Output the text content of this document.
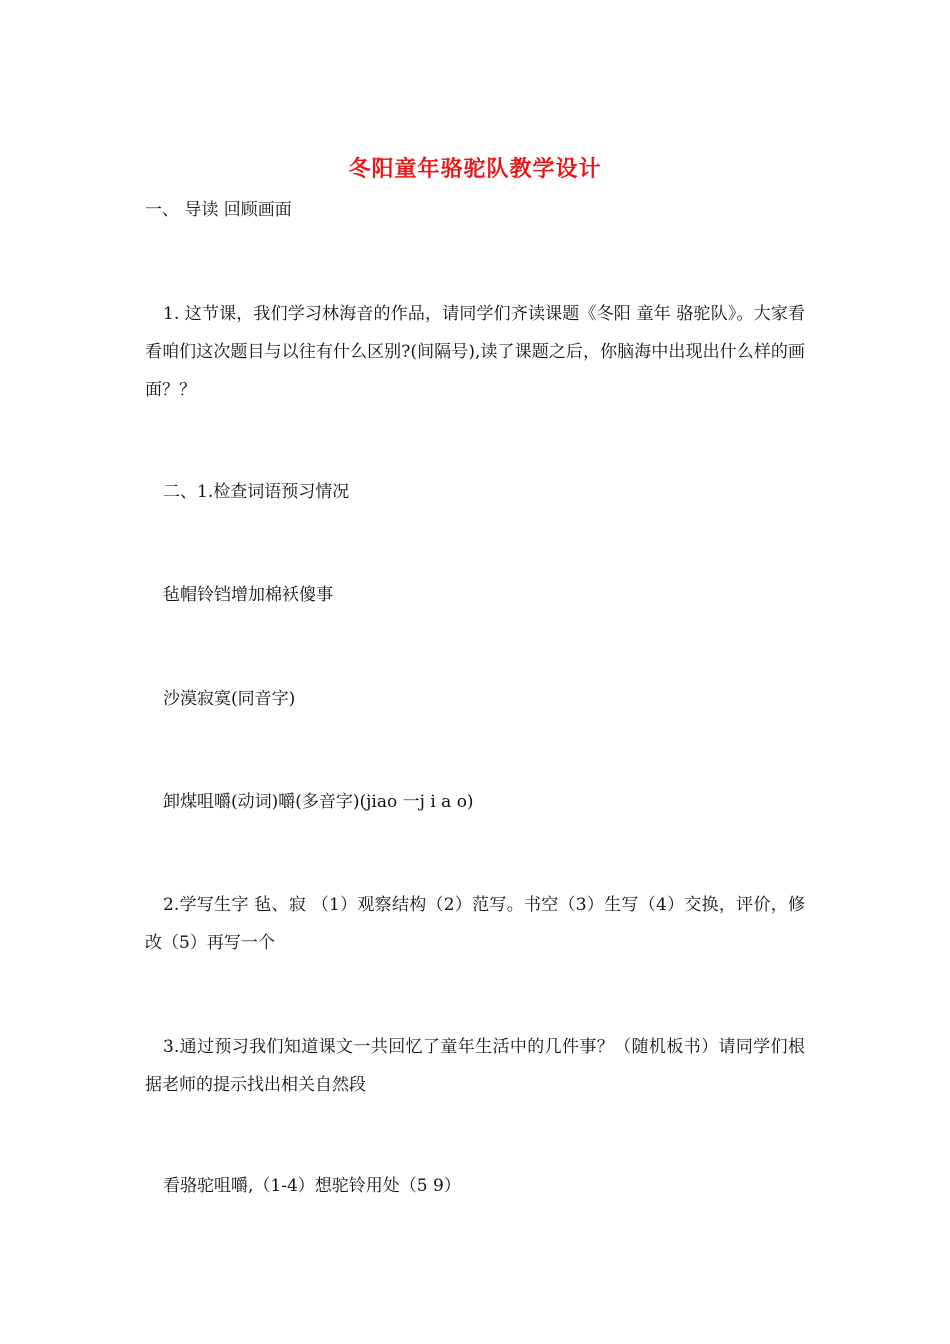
冬阳童年骆驼队教学设计
一、 导读 回顾画面
1. 这节课，我们学习林海音的作品，请同学们齐读课题《冬阳 童年 骆驼队》。大家看看咱们这次题目与以往有什么区别?(间隔号),读了课题之后，你脑海中出现出什么样的画面？？
二、1.检查词语预习情况
毡帽铃铛增加棉袄傻事
沙漠寂寞(同音字)
卸煤咀嚼(动词)嚼(多音字)(jiao 一j i a o)
2.学写生字 毡、寂 （1）观察结构（2）范写。书空（3）生写（4）交换，评价，修改（5）再写一个
3.通过预习我们知道课文一共回忆了童年生活中的几件事？（随机板书）请同学们根据老师的提示找出相关自然段
看骆驼咀嚼,（1-4）想驼铃用处（5 9）
